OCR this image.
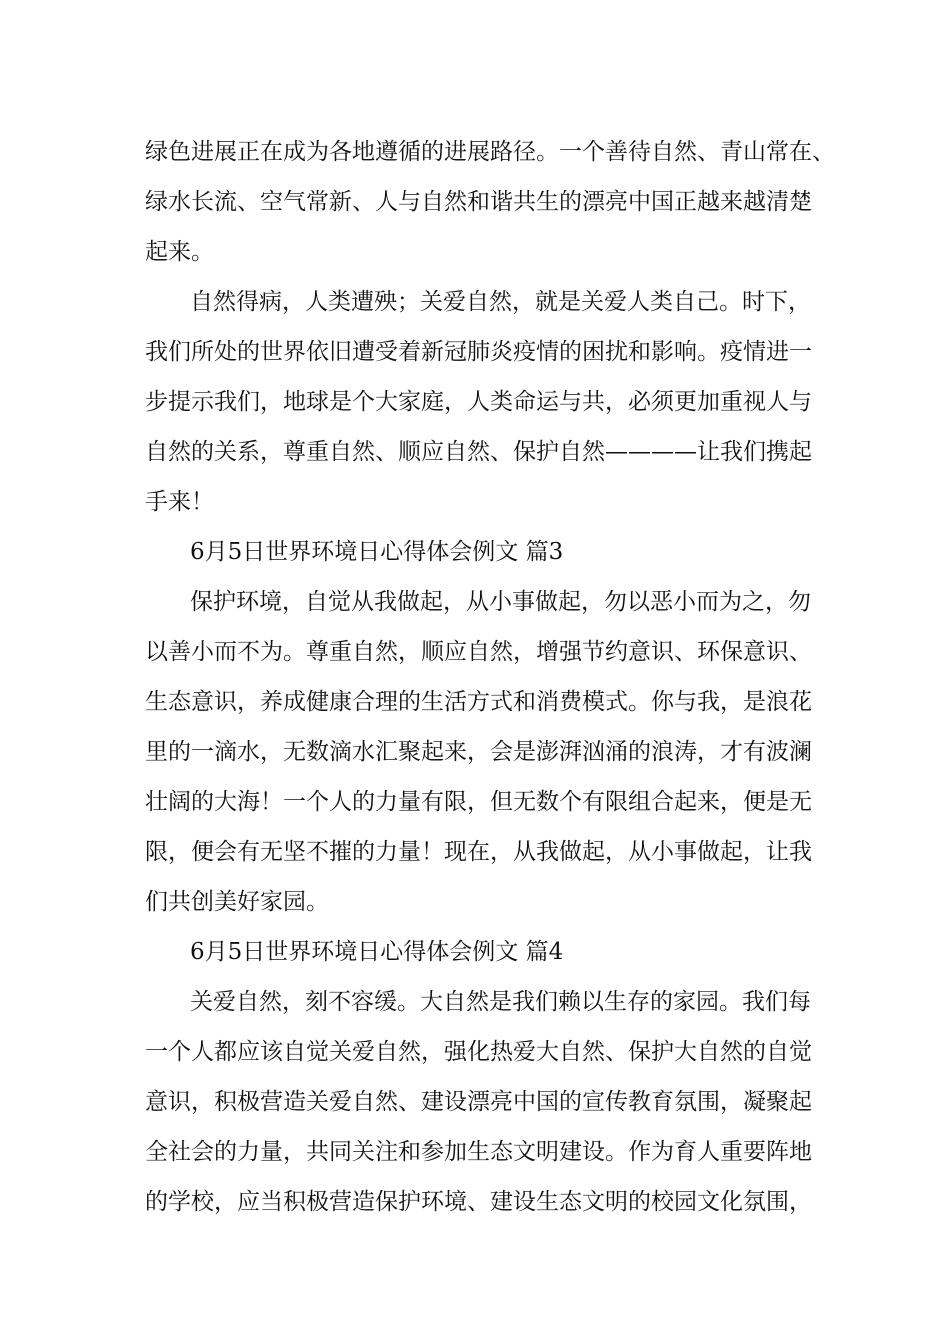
绿色进展正在成为各地遵循的进展路径。一个善待自然、青山常在、

绿水长流、空气常新、人与自然和谐共生的漂亮中国正越来越清楚

起来。

自然得病，人类遭殃；关爱自然，就是关爱人类自己。时下，

我们所处的世界依旧遭受着新冠肺炎疫情的困扰和影响。疫情进一

步提示我们，地球是个大家庭，人类命运与共，必须更加重视人与

自然的关系，尊重自然、顺应自然、保护自然————让我们携起

手来！

6月5日世界环境日心得体会例文 篇3

保护环境，自觉从我做起，从小事做起，勿以恶小而为之，勿

以善小而不为。尊重自然，顺应自然，增强节约意识、环保意识、

生态意识，养成健康合理的生活方式和消费模式。你与我，是浪花

里的一滴水，无数滴水汇聚起来，会是澎湃汹涌的浪涛，才有波澜

壮阔的大海！一个人的力量有限，但无数个有限组合起来，便是无

限，便会有无坚不摧的力量！现在，从我做起，从小事做起，让我

们共创美好家园。

6月5日世界环境日心得体会例文 篇4

关爱自然，刻不容缓。大自然是我们赖以生存的家园。我们每

一个人都应该自觉关爱自然，强化热爱大自然、保护大自然的自觉

意识，积极营造关爱自然、建设漂亮中国的宣传教育氛围，凝聚起

全社会的力量，共同关注和参加生态文明建设。作为育人重要阵地

的学校，应当积极营造保护环境、建设生态文明的校园文化氛围，
